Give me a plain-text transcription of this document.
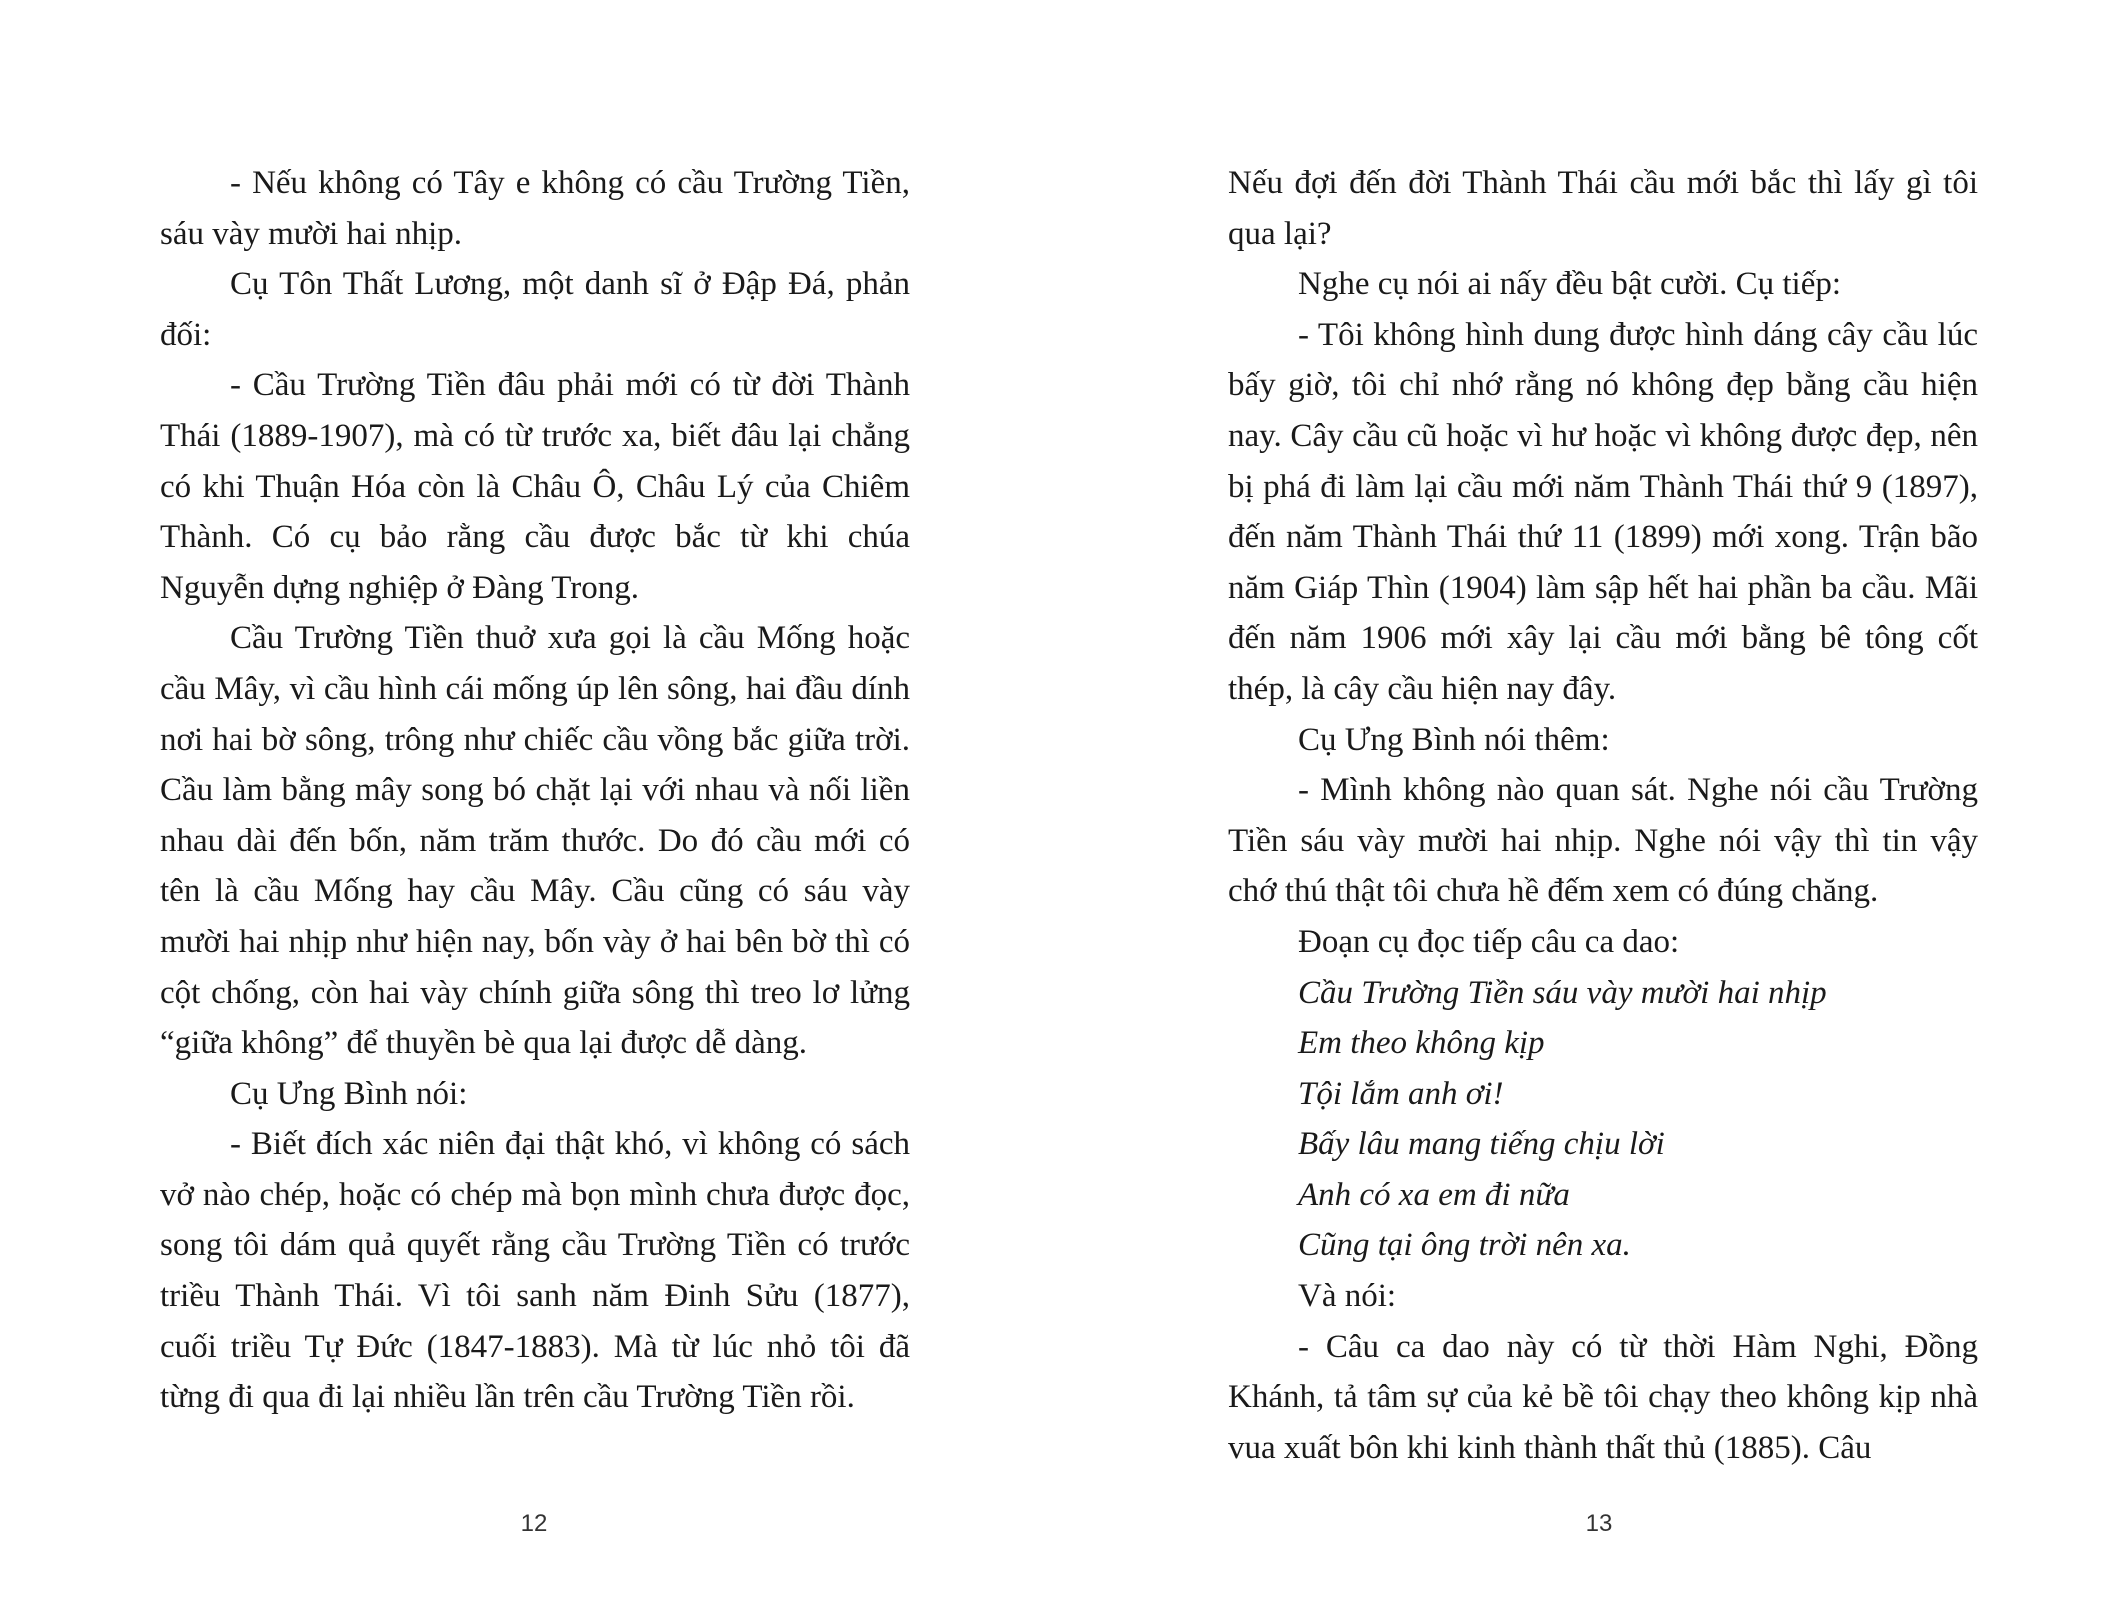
- Nếu không có Tây e không có cầu Trường Tiền, sáu vày mười hai nhịp.

Cụ Tôn Thất Lương, một danh sĩ ở Đập Đá, phản đối:

- Cầu Trường Tiền đâu phải mới có từ đời Thành Thái (1889-1907), mà có từ trước xa, biết đâu lại chẳng có khi Thuận Hóa còn là Châu Ô, Châu Lý của Chiêm Thành. Có cụ bảo rằng cầu được bắc từ khi chúa Nguyễn dựng nghiệp ở Đàng Trong.

Cầu Trường Tiền thuở xưa gọi là cầu Mống hoặc cầu Mây, vì cầu hình cái mống úp lên sông, hai đầu dính nơi hai bờ sông, trông như chiếc cầu vồng bắc giữa trời. Cầu làm bằng mây song bó chặt lại với nhau và nối liền nhau dài đến bốn, năm trăm thước. Do đó cầu mới có tên là cầu Mống hay cầu Mây. Cầu cũng có sáu vày mười hai nhịp như hiện nay, bốn vày ở hai bên bờ thì có cột chống, còn hai vày chính giữa sông thì treo lơ lửng “giữa không” để thuyền bè qua lại được dễ dàng.

Cụ Ưng Bình nói:

- Biết đích xác niên đại thật khó, vì không có sách vở nào chép, hoặc có chép mà bọn mình chưa được đọc, song tôi dám quả quyết rằng cầu Trường Tiền có trước triều Thành Thái. Vì tôi sanh năm Đinh Sửu (1877), cuối triều Tự Đức (1847-1883). Mà từ lúc nhỏ tôi đã từng đi qua đi lại nhiều lần trên cầu Trường Tiền rồi.

12

Nếu đợi đến đời Thành Thái cầu mới bắc thì lấy gì tôi qua lại?

Nghe cụ nói ai nấy đều bật cười. Cụ tiếp:

- Tôi không hình dung được hình dáng cây cầu lúc bấy giờ, tôi chỉ nhớ rằng nó không đẹp bằng cầu hiện nay. Cây cầu cũ hoặc vì hư hoặc vì không được đẹp, nên bị phá đi làm lại cầu mới năm Thành Thái thứ 9 (1897), đến năm Thành Thái thứ 11 (1899) mới xong. Trận bão năm Giáp Thìn (1904) làm sập hết hai phần ba cầu. Mãi đến năm 1906 mới xây lại cầu mới bằng bê tông cốt thép, là cây cầu hiện nay đây.

Cụ Ưng Bình nói thêm:

- Mình không nào quan sát. Nghe nói cầu Trường Tiền sáu vày mười hai nhịp. Nghe nói vậy thì tin vậy chớ thú thật tôi chưa hề đếm xem có đúng chăng.

Đoạn cụ đọc tiếp câu ca dao:

Cầu Trường Tiền sáu vày mười hai nhịp

Em theo không kịp

Tội lắm anh ơi!

Bấy lâu mang tiếng chịu lời

Anh có xa em đi nữa

Cũng tại ông trời nên xa.

Và nói:

- Câu ca dao này có từ thời Hàm Nghi, Đồng Khánh, tả tâm sự của kẻ bề tôi chạy theo không kịp nhà vua xuất bôn khi kinh thành thất thủ (1885). Câu

13
